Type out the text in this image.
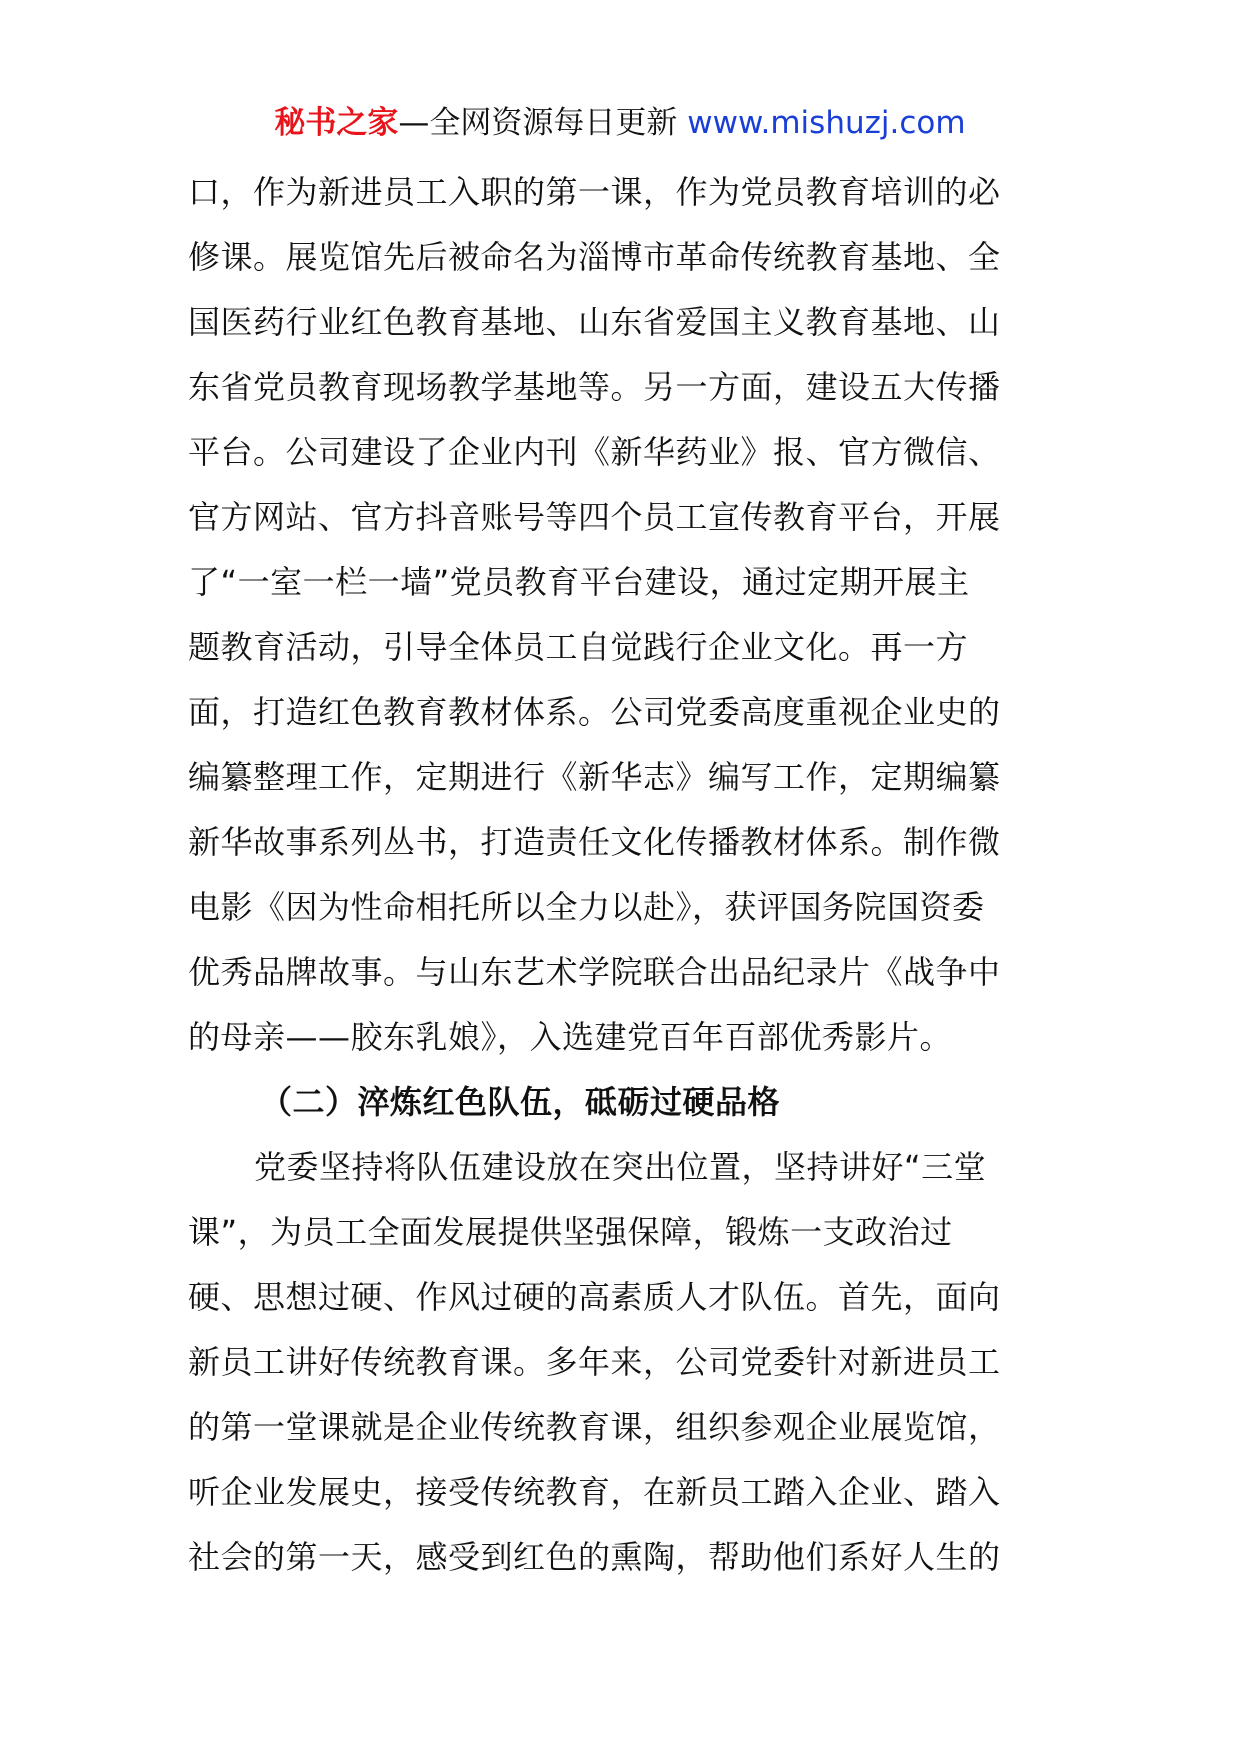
秘书之家—全网资源每日更新 www.mishuzj.com
口，作为新进员工入职的第一课，作为党员教育培训的必
修课。展览馆先后被命名为淄博市革命传统教育基地、全
国医药行业红色教育基地、山东省爱国主义教育基地、山
东省党员教育现场教学基地等。另一方面，建设五大传播
平台。公司建设了企业内刊《新华药业》报、官方微信、
官方网站、官方抖音账号等四个员工宣传教育平台，开展
了“一室一栏一墙”党员教育平台建设，通过定期开展主
题教育活动，引导全体员工自觉践行企业文化。再一方
面，打造红色教育教材体系。公司党委高度重视企业史的
编纂整理工作，定期进行《新华志》编写工作，定期编纂
新华故事系列丛书，打造责任文化传播教材体系。制作微
电影《因为性命相托所以全力以赴》，获评国务院国资委
优秀品牌故事。与山东艺术学院联合出品纪录片《战争中
的母亲——胶东乳娘》，入选建党百年百部优秀影片。
（二）淬炼红色队伍，砥砺过硬品格
党委坚持将队伍建设放在突出位置，坚持讲好“三堂
课”，为员工全面发展提供坚强保障，锻炼一支政治过
硬、思想过硬、作风过硬的高素质人才队伍。首先，面向
新员工讲好传统教育课。多年来，公司党委针对新进员工
的第一堂课就是企业传统教育课，组织参观企业展览馆，
听企业发展史，接受传统教育，在新员工踏入企业、踏入
社会的第一天，感受到红色的熏陶，帮助他们系好人生的
